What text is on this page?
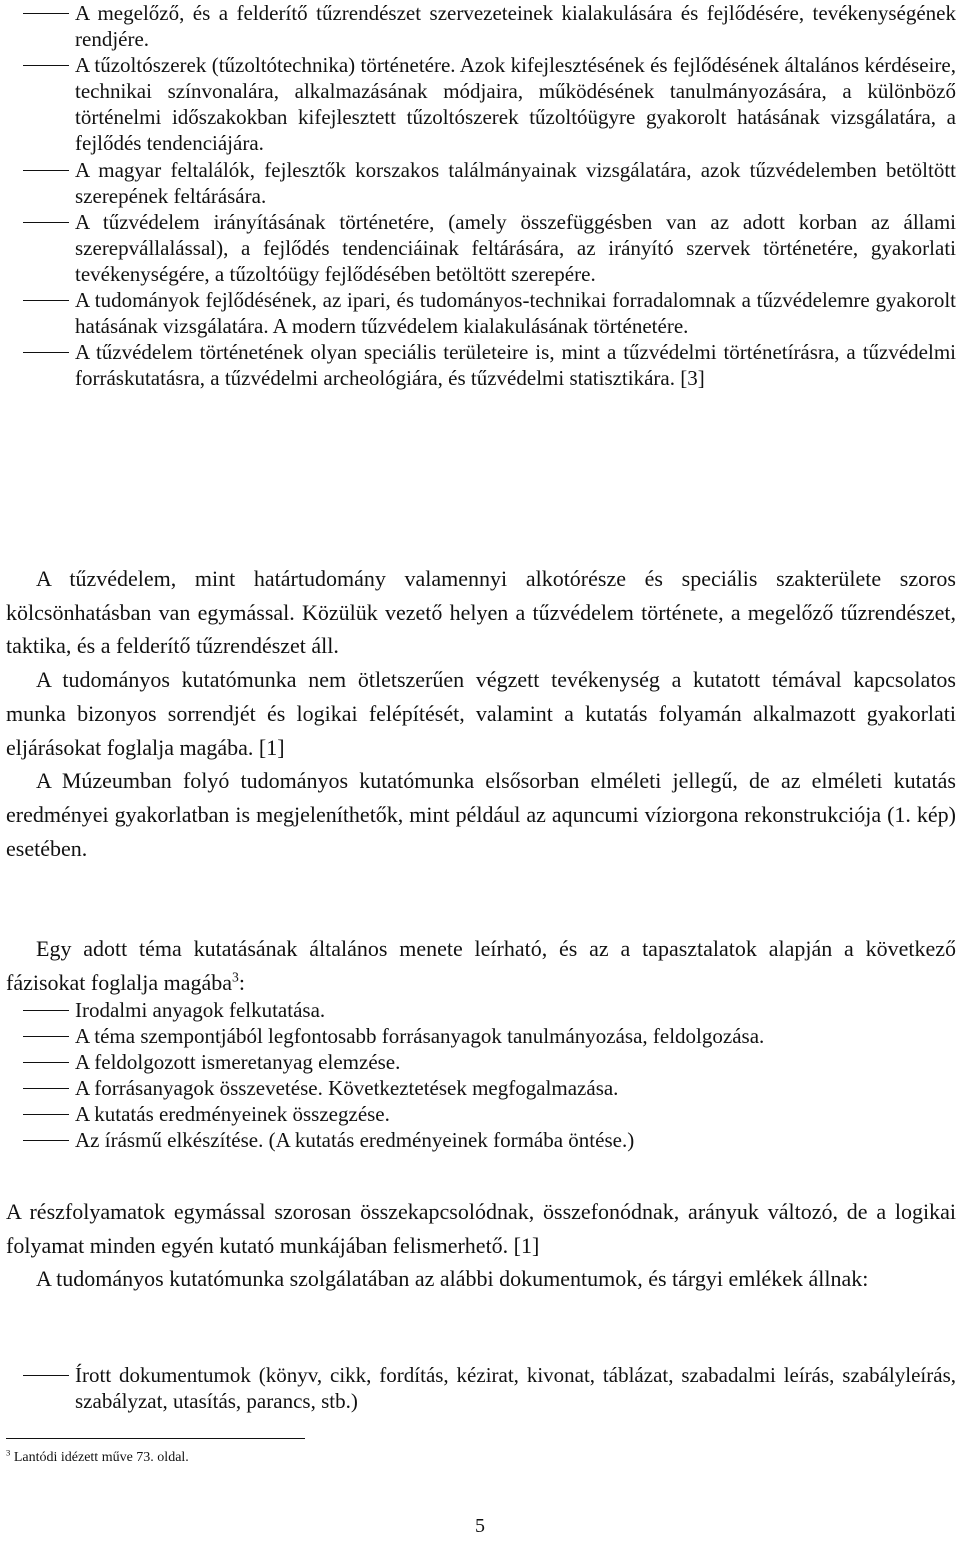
A megelőző, és a felderítő tűzrendészet szervezeteinek kialakulására és fejlődésére, tevékenységének rendjére.

A tűzoltószerek (tűzoltótechnika) történetére. Azok kifejlesztésének és fejlődésének általános kérdéseire, technikai színvonalára, alkalmazásának módjaira, működésének tanulmányozására, a különböző történelmi időszakokban kifejlesztett tűzoltószerek tűzoltóügyre gyakorolt hatásának vizsgálatára, a fejlődés tendenciájára.

A magyar feltalálók, fejlesztők korszakos találmányainak vizsgálatára, azok tűzvédelemben betöltött szerepének feltárására.

A tűzvédelem irányításának történetére, (amely összefüggésben van az adott korban az állami szerepvállalással), a fejlődés tendenciáinak feltárására, az irányító szervek történetére, gyakorlati tevékenységére, a tűzoltóügy fejlődésében betöltött szerepére.

A tudományok fejlődésének, az ipari, és tudományos-technikai forradalomnak a tűzvédelemre gyakorolt hatásának vizsgálatára. A modern tűzvédelem kialakulásának történetére.

A tűzvédelem történetének olyan speciális területeire is, mint a tűzvédelmi történetírásra, a tűzvédelmi forráskutatásra, a tűzvédelmi archeológiára, és tűzvédelmi statisztikára. [3]

A tűzvédelem, mint határtudomány valamennyi alkotórésze és speciális szakterülete szoros kölcsönhatásban van egymással. Közülük vezető helyen a tűzvédelem története, a megelőző tűzrendészet, taktika, és a felderítő tűzrendészet áll.

A tudományos kutatómunka nem ötletszerűen végzett tevékenység a kutatott témával kapcsolatos munka bizonyos sorrendjét és logikai felépítését, valamint a kutatás folyamán alkalmazott gyakorlati eljárásokat foglalja magába. [1]

A Múzeumban folyó tudományos kutatómunka elsősorban elméleti jellegű, de az elméleti kutatás eredményei gyakorlatban is megjeleníthetők, mint például az aquncumi víziorgona rekonstrukciója (1. kép) esetében.

Egy adott téma kutatásának általános menete leírható, és az a tapasztalatok alapján a következő fázisokat foglalja magába$^3$:

Irodalmi anyagok felkutatása.

A téma szempontjából legfontosabb forrásanyagok tanulmányozása, feldolgozása.

A feldolgozott ismeretanyag elemzése.

A forrásanyagok összevetése. Következtetések megfogalmazása.

A kutatás eredményeinek összegzése.

Az írásmű elkészítése. (A kutatás eredményeinek formába öntése.)

A részfolyamatok egymással szorosan összekapcsolódnak, összefonódnak, arányuk változó, de a logikai folyamat minden egyén kutató munkájában felismerhető. [1]

A tudományos kutatómunka szolgálatában az alábbi dokumentumok, és tárgyi emlékek állnak:

Írott dokumentumok (könyv, cikk, fordítás, kézirat, kivonat, táblázat, szabadalmi leírás, szabályleírás, szabályzat, utasítás, parancs, stb.)

$^3$ Lantódi idézett műve 73. oldal.
5
